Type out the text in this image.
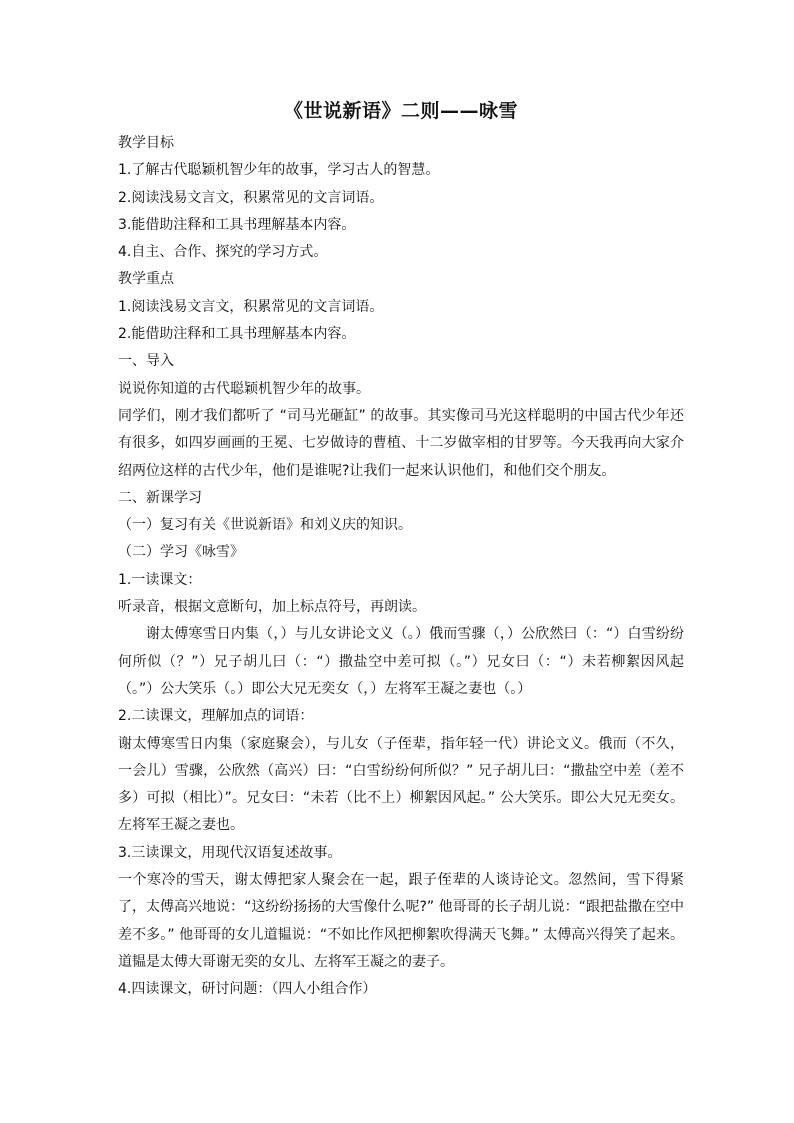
《世说新语》二则——咏雪

教学目标

1.了解古代聪颖机智少年的故事，学习古人的智慧。

2.阅读浅易文言文，积累常见的文言词语。

3.能借助注释和工具书理解基本内容。

4.自主、合作、探究的学习方式。

教学重点

1.阅读浅易文言文，积累常见的文言词语。

2.能借助注释和工具书理解基本内容。

一、导入

说说你知道的古代聪颖机智少年的故事。

同学们，刚才我们都听了 “司马光砸缸” 的故事。其实像司马光这样聪明的中国古代少年还有很多，如四岁画画的王冕、七岁做诗的曹植、十二岁做宰相的甘罗等。今天我再向大家介绍两位这样的古代少年，他们是谁呢?让我们一起来认识他们，和他们交个朋友。

二、新课学习

（一）复习有关《世说新语》和刘义庆的知识。

（二）学习《咏雪》

1.一读课文：

听录音，根据文意断句，加上标点符号，再朗读。

谢太傅寒雪日内集（，）与儿女讲论文义（。）俄而雪骤（，）公欣然曰（：“）白雪纷纷何所似（？”）兄子胡儿曰（：“）撒盐空中差可拟（。”）兄女曰（：“）未若柳絮因风起（。”）公大笑乐（。）即公大兄无奕女（，）左将军王凝之妻也（。）

2.二读课文，理解加点的词语：

谢太傅寒雪日内集（家庭聚会），与儿女（子侄辈，指年轻一代）讲论文义。俄而（不久，一会儿）雪骤，公欣然（高兴）曰：“白雪纷纷何所似？” 兄子胡儿曰：“撒盐空中差（差不多）可拟（相比）”。兄女曰：“未若（比不上）柳絮因风起。” 公大笑乐。即公大兄无奕女。左将军王凝之妻也。

3.三读课文，用现代汉语复述故事。

一个寒冷的雪天，谢太傅把家人聚会在一起，跟子侄辈的人谈诗论文。忽然间，雪下得紧了，太傅高兴地说：“这纷纷扬扬的大雪像什么呢?” 他哥哥的长子胡儿说：“跟把盐撒在空中差不多。” 他哥哥的女儿道韫说：“不如比作风把柳絮吹得满天飞舞。” 太傅高兴得笑了起来。道韫是太傅大哥谢无奕的女儿、左将军王凝之的妻子。

4.四读课文，研讨问题：（四人小组合作）
